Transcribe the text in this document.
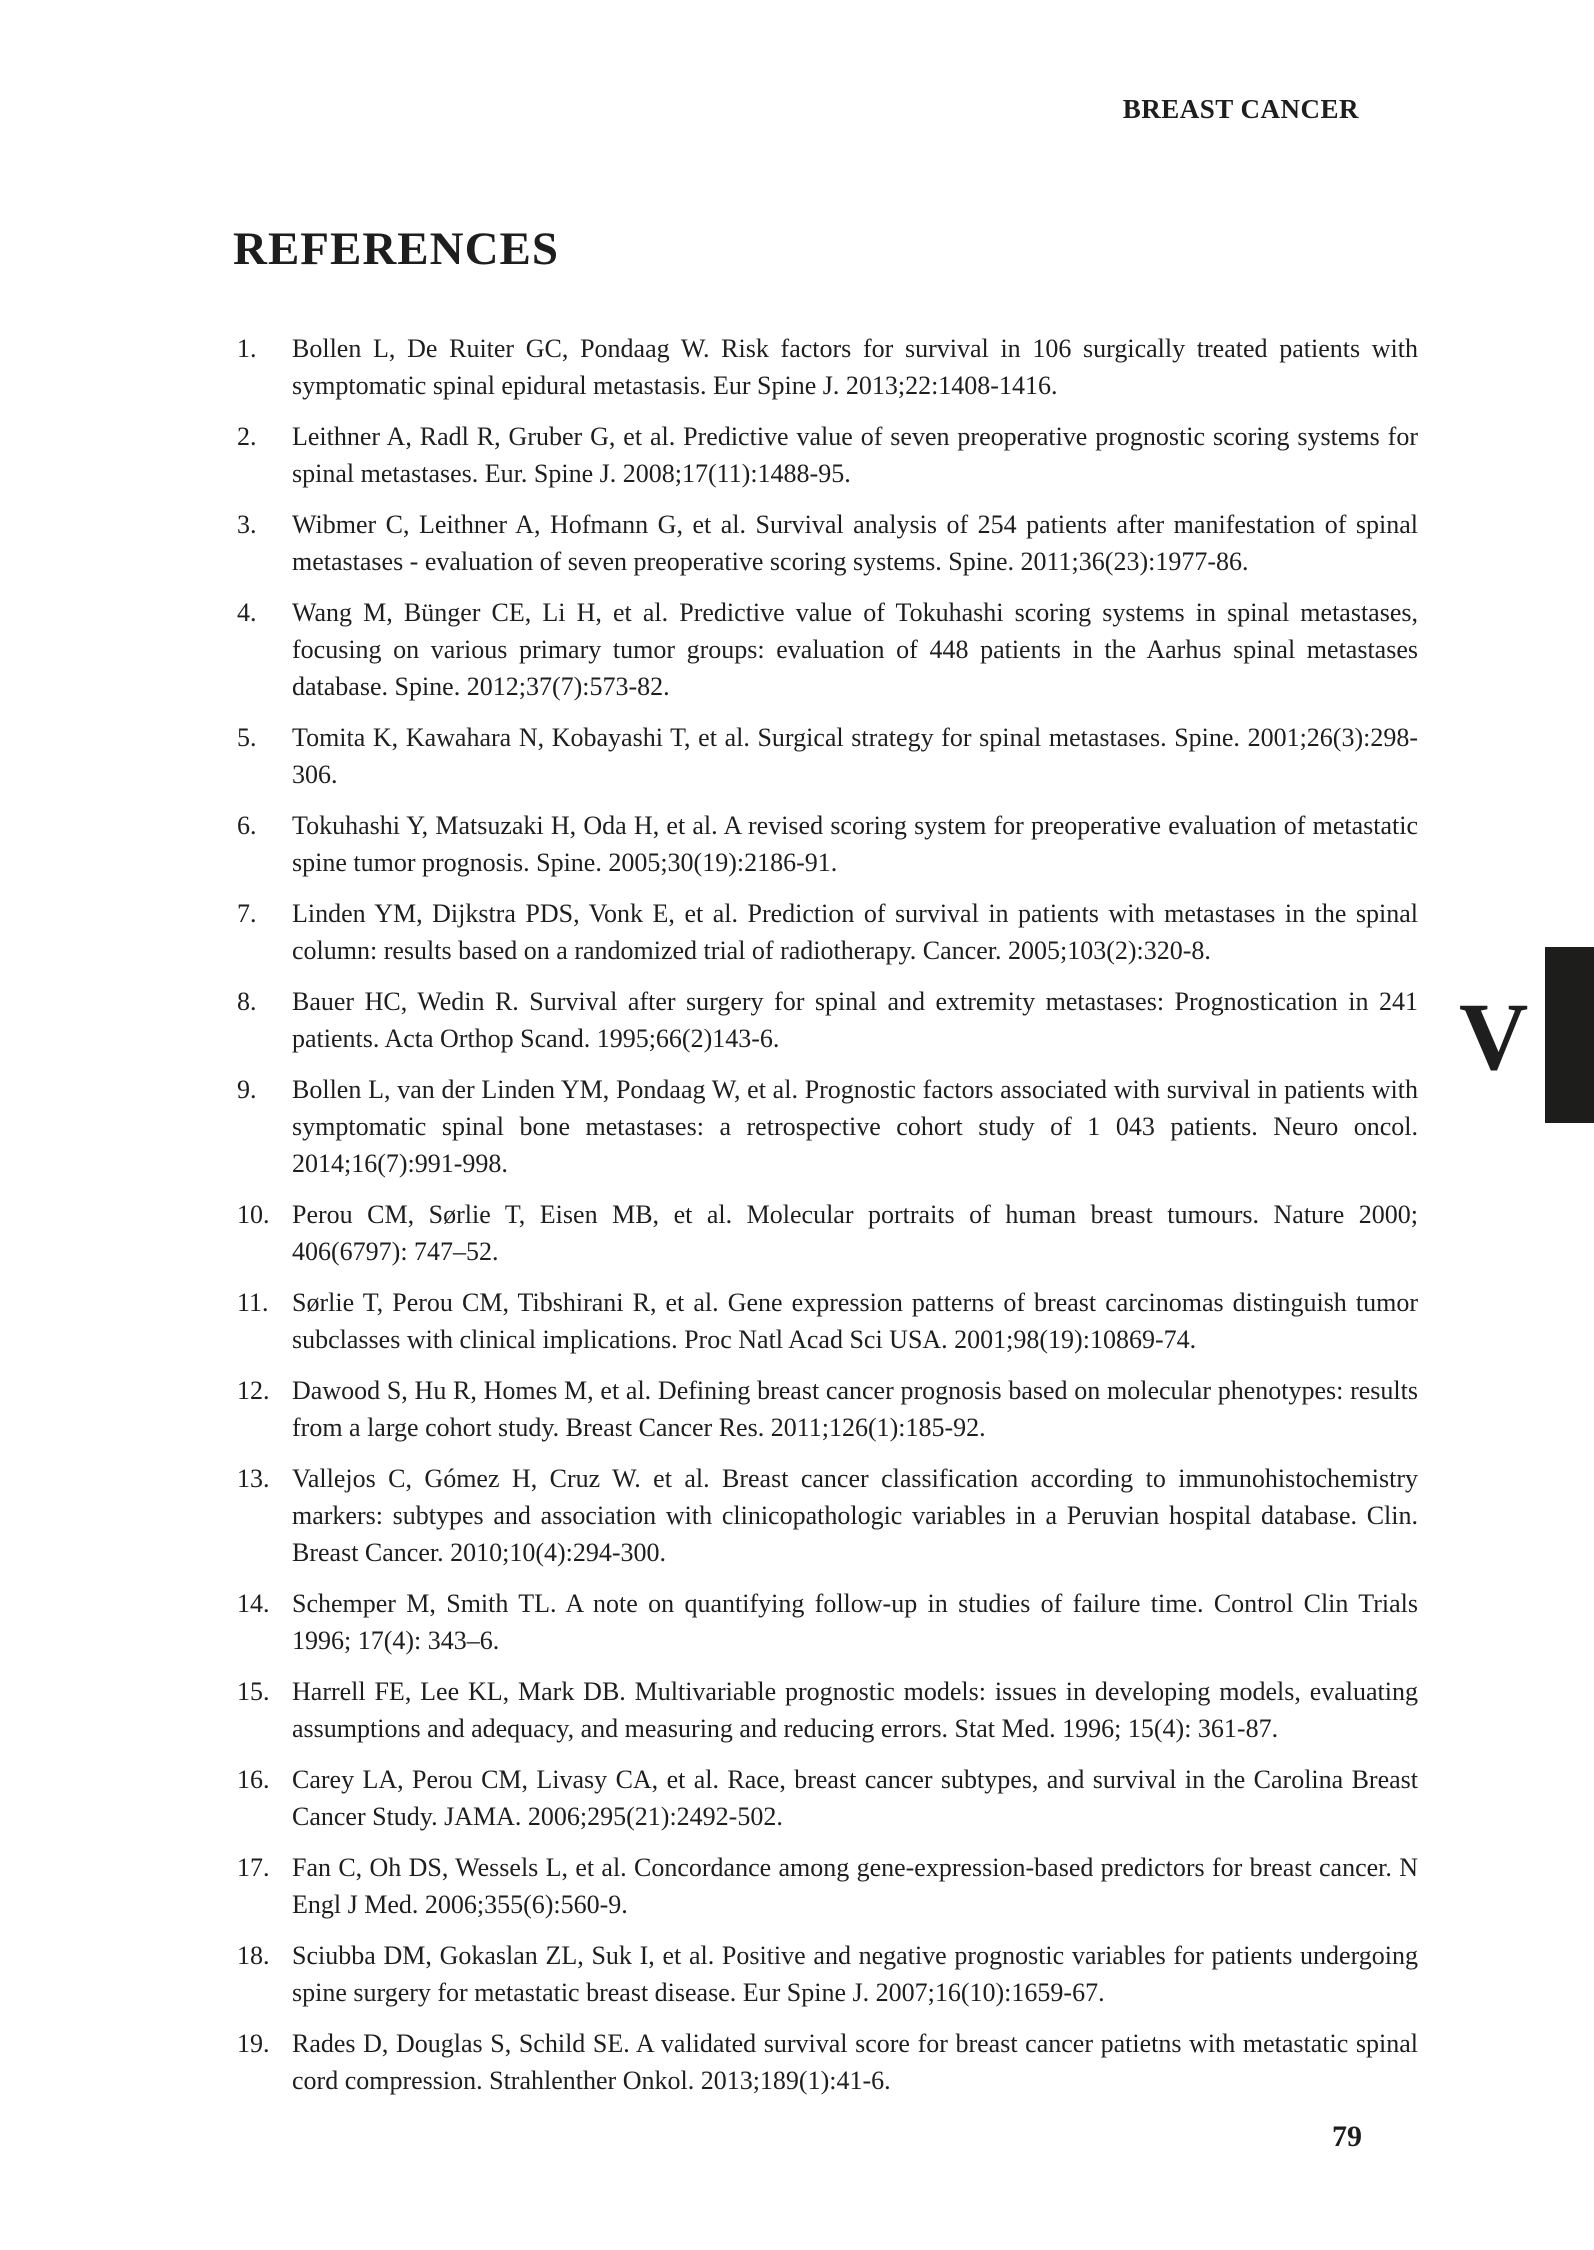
BREAST CANCER
REFERENCES
1.	Bollen L, De Ruiter GC, Pondaag W. Risk factors for survival in 106 surgically treated patients with symptomatic spinal epidural metastasis. Eur Spine J. 2013;22:1408-1416.
2.	Leithner A, Radl R, Gruber G, et al. Predictive value of seven preoperative prognostic scoring systems for spinal metastases. Eur. Spine J. 2008;17(11):1488-95.
3.	Wibmer C, Leithner A, Hofmann G, et al. Survival analysis of 254 patients after manifestation of spinal metastases - evaluation of seven preoperative scoring systems. Spine. 2011;36(23):1977-86.
4.	Wang M, Bünger CE, Li H, et al. Predictive value of Tokuhashi scoring systems in spinal metastases, focusing on various primary tumor groups: evaluation of 448 patients in the Aarhus spinal metastases database. Spine. 2012;37(7):573-82.
5.	Tomita K, Kawahara N, Kobayashi T, et al. Surgical strategy for spinal metastases. Spine. 2001;26(3):298-306.
6.	Tokuhashi Y, Matsuzaki H, Oda H, et al. A revised scoring system for preoperative evaluation of metastatic spine tumor prognosis. Spine. 2005;30(19):2186-91.
7.	Linden YM, Dijkstra PDS, Vonk E, et al. Prediction of survival in patients with metastases in the spinal column: results based on a randomized trial of radiotherapy. Cancer. 2005;103(2):320-8.
8.	Bauer HC, Wedin R. Survival after surgery for spinal and extremity metastases: Prognostication in 241 patients. Acta Orthop Scand. 1995;66(2)143-6.
9.	Bollen L, van der Linden YM, Pondaag W, et al. Prognostic factors associated with survival in patients with symptomatic spinal bone metastases: a retrospective cohort study of 1 043 patients. Neuro oncol. 2014;16(7):991-998.
10. Perou CM, Sørlie T, Eisen MB, et al. Molecular portraits of human breast tumours. Nature 2000; 406(6797): 747–52.
11. Sørlie T, Perou CM, Tibshirani R, et al. Gene expression patterns of breast carcinomas distinguish tumor subclasses with clinical implications. Proc Natl Acad Sci USA. 2001;98(19):10869-74.
12. Dawood S, Hu R, Homes M, et al. Defining breast cancer prognosis based on molecular phenotypes: results from a large cohort study. Breast Cancer Res. 2011;126(1):185-92.
13. Vallejos C, Gómez H, Cruz W. et al. Breast cancer classification according to immunohistochemistry markers: subtypes and association with clinicopathologic variables in a Peruvian hospital database. Clin. Breast Cancer. 2010;10(4):294-300.
14. Schemper M, Smith TL. A note on quantifying follow-up in studies of failure time. Control Clin Trials 1996; 17(4): 343–6.
15. Harrell FE, Lee KL, Mark DB. Multivariable prognostic models: issues in developing models, evaluating assumptions and adequacy, and measuring and reducing errors. Stat Med. 1996; 15(4): 361-87.
16. Carey LA, Perou CM, Livasy CA, et al. Race, breast cancer subtypes, and survival in the Carolina Breast Cancer Study. JAMA. 2006;295(21):2492-502.
17. Fan C, Oh DS, Wessels L, et al. Concordance among gene-expression-based predictors for breast cancer. N Engl J Med. 2006;355(6):560-9.
18. Sciubba DM, Gokaslan ZL, Suk I, et al. Positive and negative prognostic variables for patients undergoing spine surgery for metastatic breast disease. Eur Spine J. 2007;16(10):1659-67.
19. Rades D, Douglas S, Schild SE. A validated survival score for breast cancer patietns with metastatic spinal cord compression. Strahlenther Onkol. 2013;189(1):41-6.
V
79
